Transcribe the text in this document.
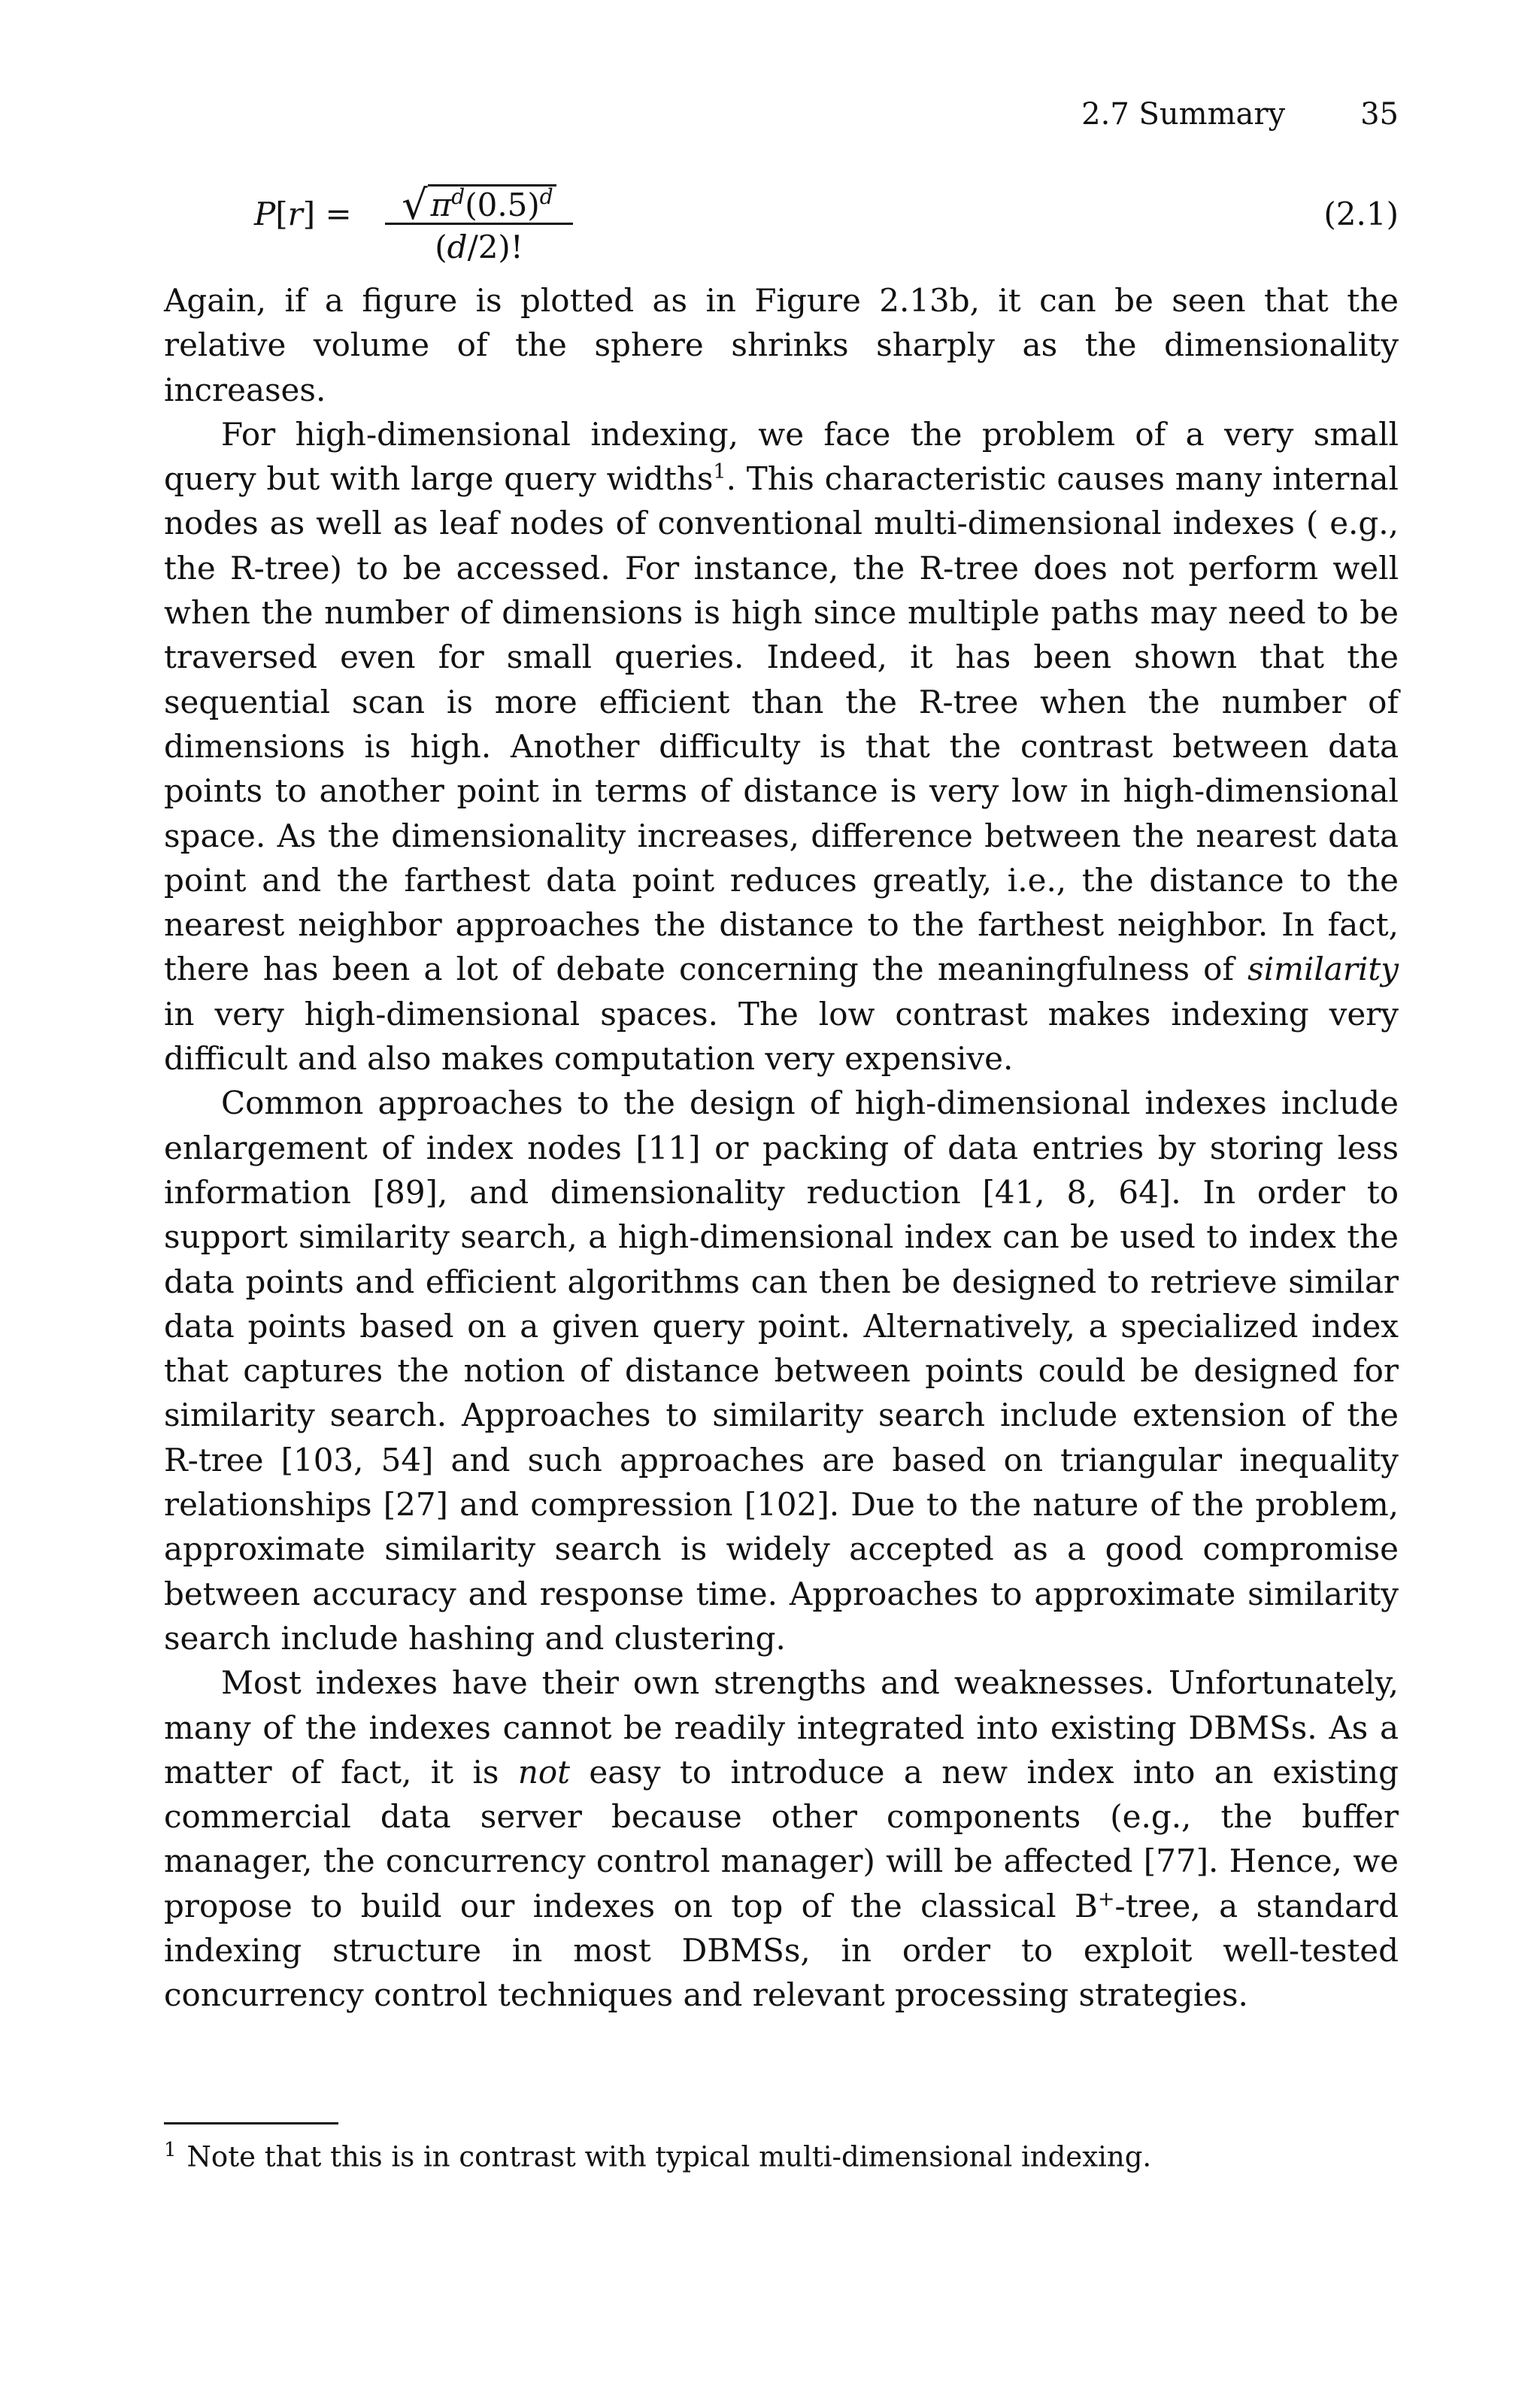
2.7 Summary	35
P[r] =	$√\pi^d(0.5)^d$
(d/2)!
(2.1)

Again, if a figure is plotted as in Figure 2.13b, it can be seen that the relative volume of the sphere shrinks sharply as the dimensionality increases.

For high-dimensional indexing, we face the problem of a very small query but with large query widths$^1$. This characteristic causes many internal nodes as well as leaf nodes of conventional multi-dimensional indexes ( e.g., the R-tree) to be accessed. For instance, the R-tree does not perform well when the number of dimensions is high since multiple paths may need to be traversed even for small queries. Indeed, it has been shown that the sequential scan is more efficient than the R-tree when the number of dimensions is high. Another difficulty is that the contrast between data points to another point in terms of distance is very low in high-dimensional space. As the dimensionality increases, difference between the nearest data point and the farthest data point reduces greatly, i.e., the distance to the nearest neighbor approaches the distance to the farthest neighbor. In fact, there has been a lot of debate concerning the meaningfulness of similarity in very high-dimensional spaces. The low contrast makes indexing very difficult and also makes computation very expensive.

Common approaches to the design of high-dimensional indexes include enlargement of index nodes [11] or packing of data entries by storing less information [89], and dimensionality reduction [41, 8, 64]. In order to support similarity search, a high-dimensional index can be used to index the data points and efficient algorithms can then be designed to retrieve similar data points based on a given query point. Alternatively, a specialized index that captures the notion of distance between points could be designed for similarity search. Approaches to similarity search include extension of the R-tree [103, 54] and such approaches are based on triangular inequality relationships [27] and compression [102]. Due to the nature of the problem, approximate similarity search is widely accepted as a good compromise between accuracy and response time. Approaches to approximate similarity search include hashing and clustering.

Most indexes have their own strengths and weaknesses. Unfortunately, many of the indexes cannot be readily integrated into existing DBMSs. As a matter of fact, it is not easy to introduce a new index into an existing commercial data server because other components (e.g., the buffer manager, the concurrency control manager) will be affected [77]. Hence, we propose to build our indexes on top of the classical B+-tree, a standard indexing structure in most DBMSs, in order to exploit well-tested concurrency control techniques and relevant processing strategies.

$^1$ Note that this is in contrast with typical multi-dimensional indexing.
